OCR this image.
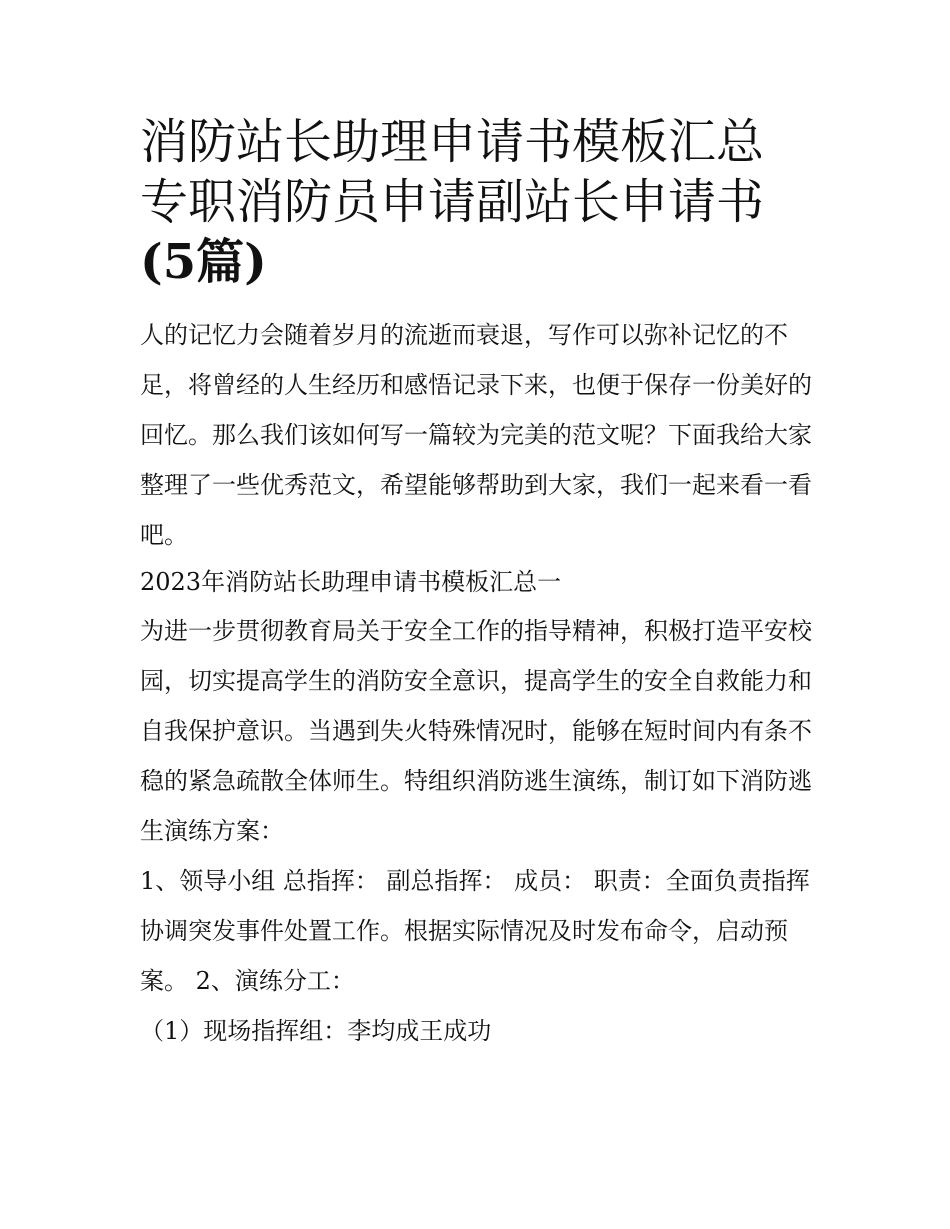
消防站长助理申请书模板汇总
专职消防员申请副站长申请书
(5篇)

人的记忆力会随着岁月的流逝而衰退，写作可以弥补记忆的不足，将曾经的人生经历和感悟记录下来，也便于保存一份美好的回忆。那么我们该如何写一篇较为完美的范文呢？下面我给大家整理了一些优秀范文，希望能够帮助到大家，我们一起来看一看吧。

2023年消防站长助理申请书模板汇总一

为进一步贯彻教育局关于安全工作的指导精神，积极打造平安校园，切实提高学生的消防安全意识，提高学生的安全自救能力和自我保护意识。当遇到失火特殊情况时，能够在短时间内有条不稳的紧急疏散全体师生。特组织消防逃生演练，制订如下消防逃生演练方案：

1、领导小组 总指挥： 副总指挥： 成员： 职责：全面负责指挥协调突发事件处置工作。根据实际情况及时发布命令，启动预案。 2、演练分工：

（1）现场指挥组：李均成王成功
